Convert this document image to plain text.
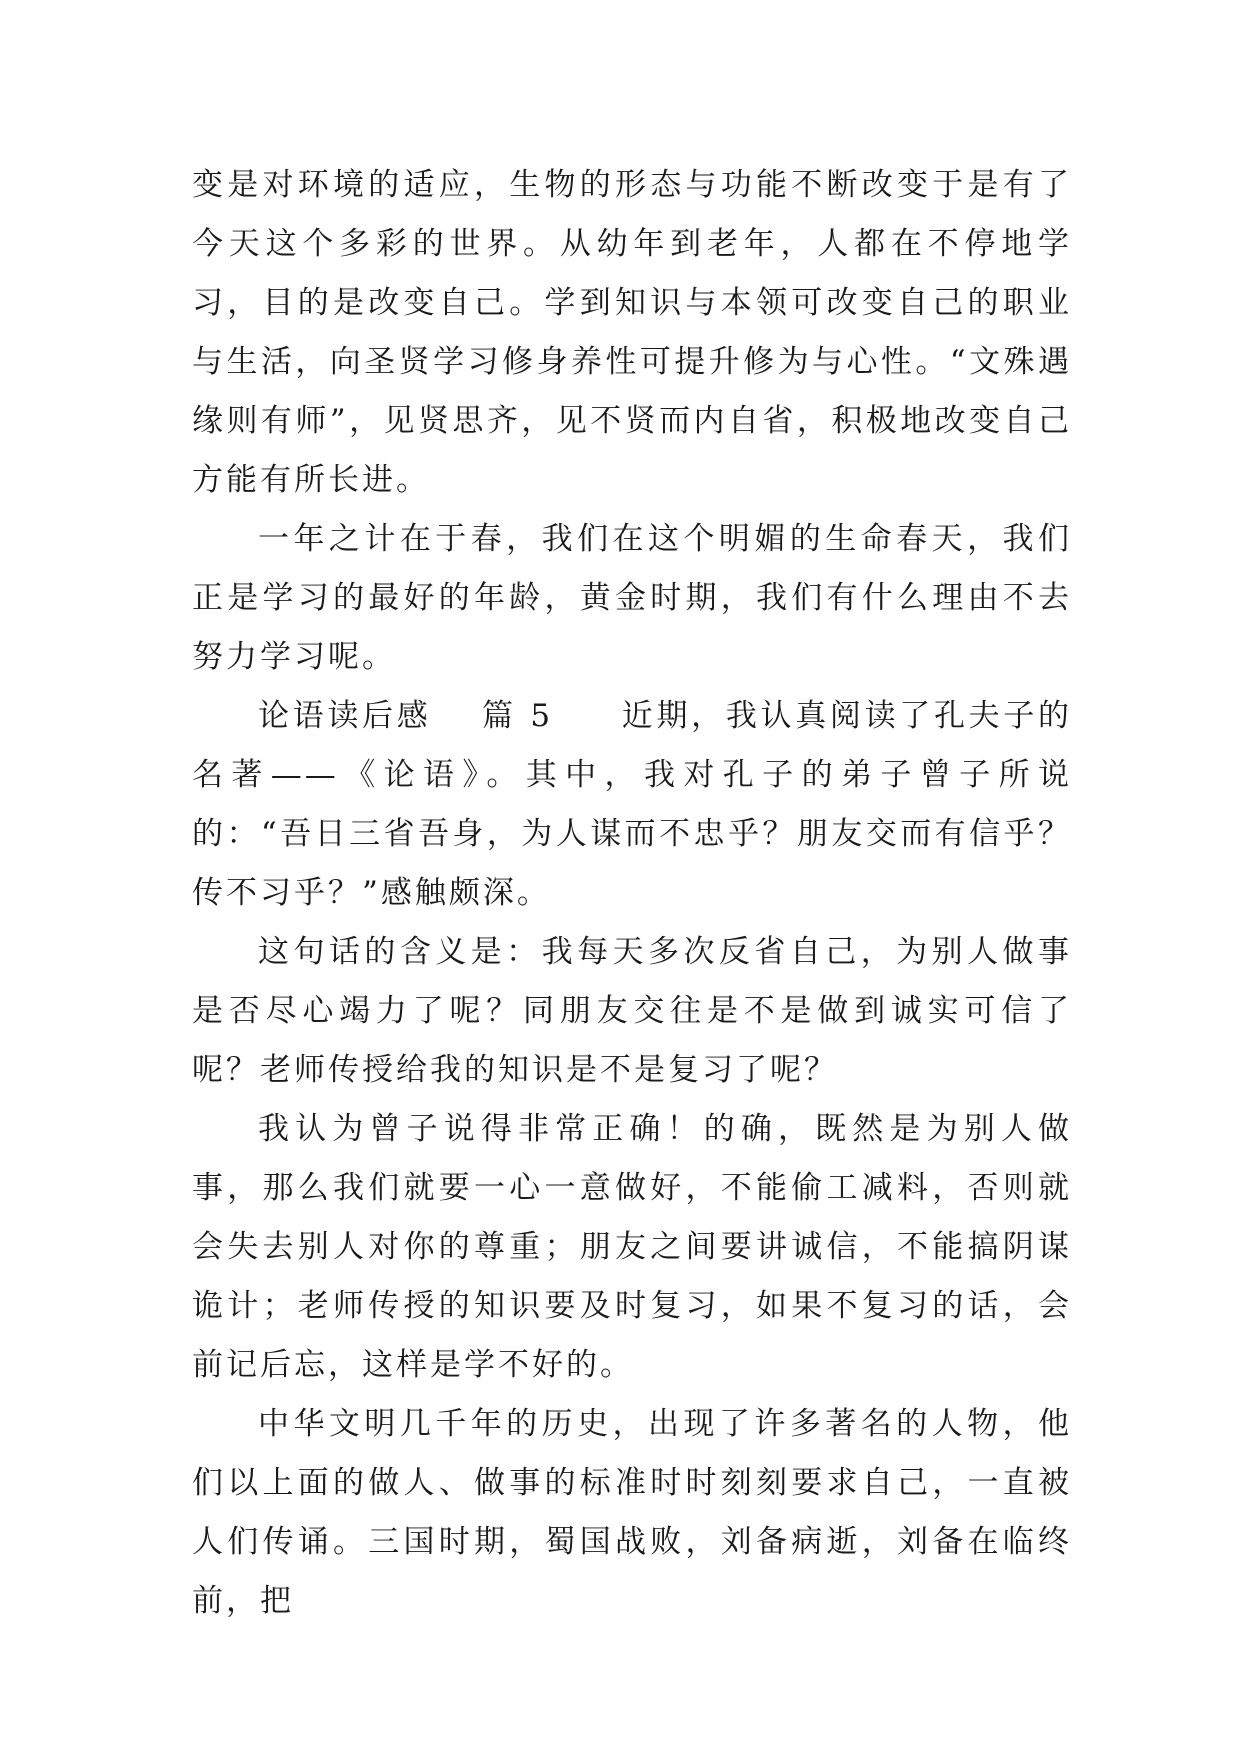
变是对环境的适应，生物的形态与功能不断改变于是有了今天这个多彩的世界。从幼年到老年，人都在不停地学习，目的是改变自己。学到知识与本领可改变自己的职业与生活，向圣贤学习修身养性可提升修为与心性。“文殊遇缘则有师”，见贤思齐，见不贤而内自省，积极地改变自己方能有所长进。

一年之计在于春，我们在这个明媚的生命春天，我们正是学习的最好的年龄，黄金时期，我们有什么理由不去努力学习呢。

论语读后感 篇 5 近期，我认真阅读了孔夫子的名著——《论语》。其中，我对孔子的弟子曾子所说的：“吾日三省吾身，为人谋而不忠乎？朋友交而有信乎？传不习乎？”感触颇深。

这句话的含义是：我每天多次反省自己，为别人做事是否尽心竭力了呢？同朋友交往是不是做到诚实可信了呢？老师传授给我的知识是不是复习了呢？

我认为曾子说得非常正确！的确，既然是为别人做事，那么我们就要一心一意做好，不能偷工减料，否则就会失去别人对你的尊重；朋友之间要讲诚信，不能搞阴谋诡计；老师传授的知识要及时复习，如果不复习的话，会前记后忘，这样是学不好的。

中华文明几千年的历史，出现了许多著名的人物，他们以上面的做人、做事的标准时时刻刻要求自己，一直被人们传诵。三国时期，蜀国战败，刘备病逝，刘备在临终前，把
